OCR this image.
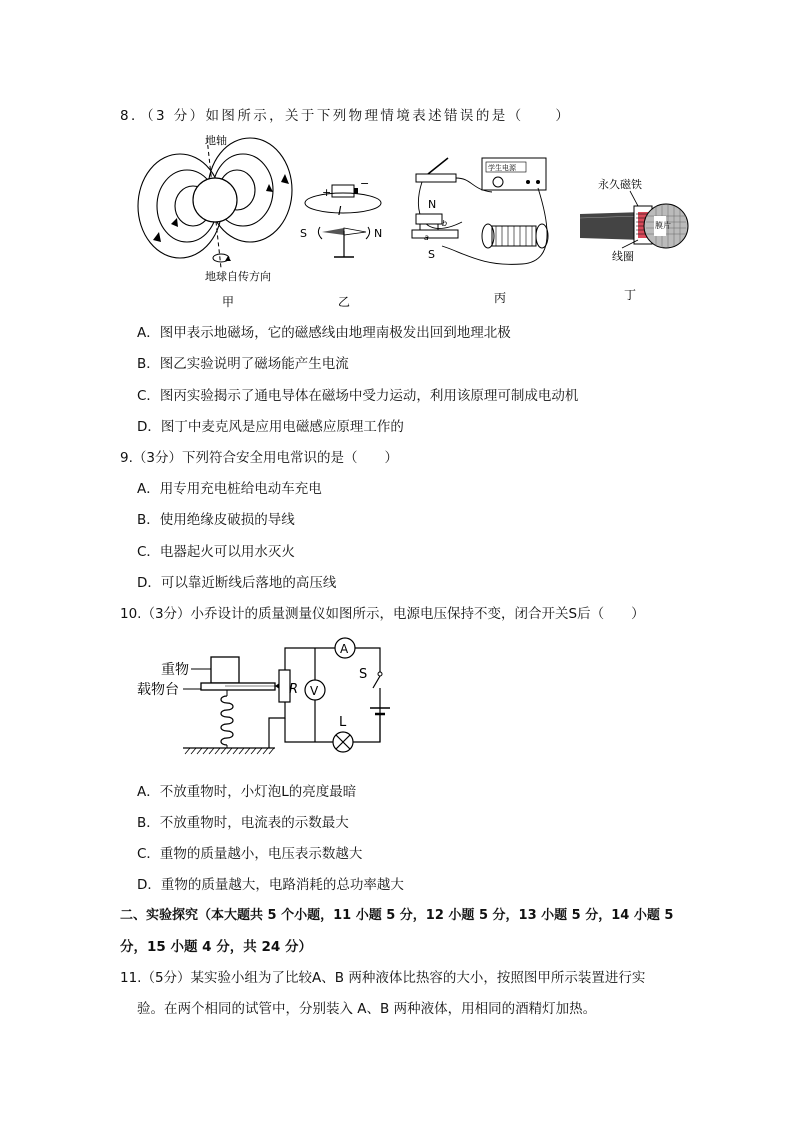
8．（3 分）如图所示，关于下列物理情境表述错误的是（　　）
地轴
地球自传方向
甲
+
−
I
S	N
乙
学生电源
N
S
b
a
丙
永久磁铁
膜片
线圈
丁
A．图甲表示地磁场，它的磁感线由地理南极发出回到地理北极
B．图乙实验说明了磁场能产生电流
C．图丙实验揭示了通电导体在磁场中受力运动，利用该原理可制成电动机
D．图丁中麦克风是应用电磁感应原理工作的
9.（3分）下列符合安全用电常识的是（　　）
A．用专用充电桩给电动车充电
B．使用绝缘皮破损的导线
C．电器起火可以用水灭火
D．可以靠近断线后落地的高压线
10.（3分）小乔设计的质量测量仪如图所示，电源电压保持不变，闭合开关S后（　　）
重物
载物台	R V
A
S
L
A．不放重物时，小灯泡L的亮度最暗
B．不放重物时，电流表的示数最大
C．重物的质量越小，电压表示数越大
D．重物的质量越大，电路消耗的总功率越大
二、实验探究（本大题共 5 个小题，11 小题 5 分，12 小题 5 分，13 小题 5 分，14 小题 5
分，15 小题 4 分，共 24 分）
11.（5分）某实验小组为了比较A、B 两种液体比热容的大小，按照图甲所示装置进行实
验。在两个相同的试管中，分别装入 A、B 两种液体，用相同的酒精灯加热。
